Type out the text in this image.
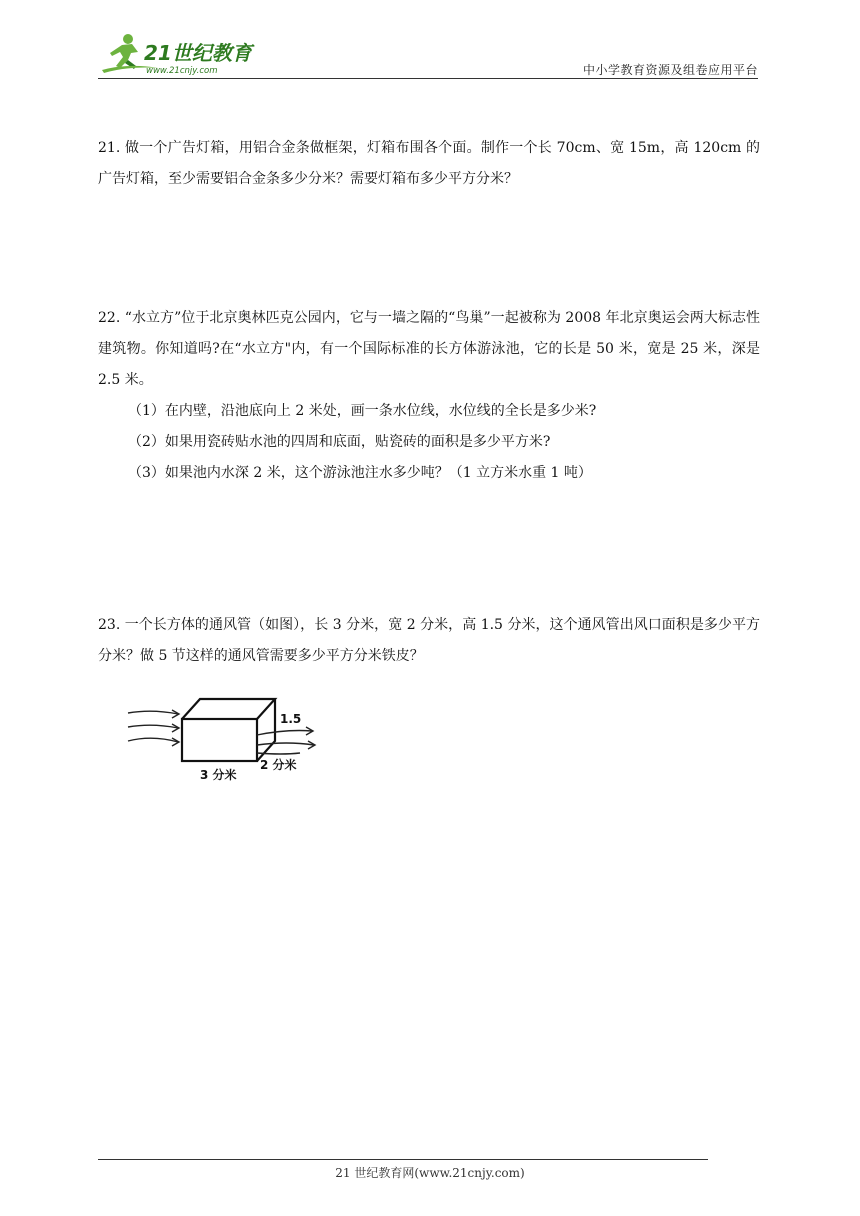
21世纪教育
www.21cnjy.com	中小学教育资源及组卷应用平台

21. 做一个广告灯箱，用铝合金条做框架，灯箱布围各个面。制作一个长 70cm、宽 15m，高 120cm 的广告灯箱，至少需要铝合金条多少分米？需要灯箱布多少平方分米？

22. “水立方”位于北京奥林匹克公园内，它与一墙之隔的“鸟巢”一起被称为 2008 年北京奥运会两大标志性建筑物。你知道吗?在“水立方"内，有一个国际标准的长方体游泳池，它的长是 50 米，宽是 25 米，深是 2.5 米。

（1）在内壁，沿池底向上 2 米处，画一条水位线，水位线的全长是多少米?

（2）如果用瓷砖贴水池的四周和底面，贴瓷砖的面积是多少平方米?

（3）如果池内水深 2 米，这个游泳池注水多少吨？（1 立方米水重 1 吨）

23. 一个长方体的通风管（如图），长 3 分米，宽 2 分米，高 1.5 分米，这个通风管出风口面积是多少平方分米？做 5 节这样的通风管需要多少平方分米铁皮？

1.5
3 分米
2 分米
21 世纪教育网(www.21cnjy.com)
